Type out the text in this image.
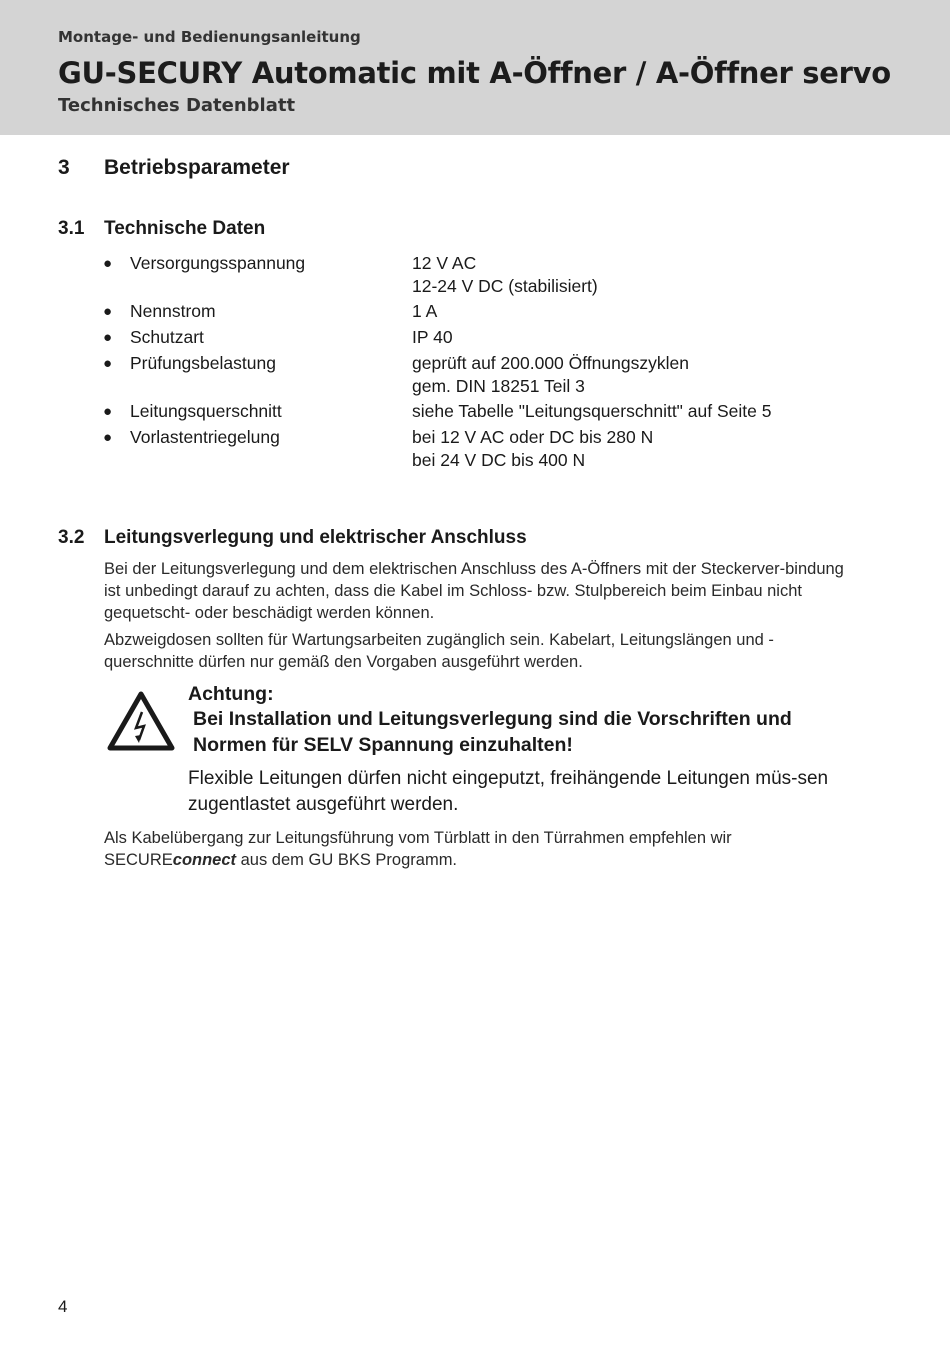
Montage- und Bedienungsanleitung
GU-SECURY Automatic mit A-Öffner / A-Öffner servo
Technisches Datenblatt
3 Betriebsparameter
3.1 Technische Daten
● Versorgungsspannung	12 V AC
12-24 V DC (stabilisiert)
● Nennstrom	1 A
● Schutzart	IP 40
● Prüfungsbelastung	geprüft auf 200.000 Öffnungszyklen
gem. DIN 18251 Teil 3
● Leitungsquerschnitt	siehe Tabelle "Leitungsquerschnitt" auf Seite 5
● Vorlastentriegelung	bei 12 V AC oder DC bis 280 N
bei 24 V DC bis 400 N
3.2 Leitungsverlegung und elektrischer Anschluss
Bei der Leitungsverlegung und dem elektrischen Anschluss des A-Öffners mit der Steckerver-bindung ist unbedingt darauf zu achten, dass die Kabel im Schloss- bzw. Stulpbereich beim Einbau nicht gequetscht- oder beschädigt werden können.
Abzweigdosen sollten für Wartungsarbeiten zugänglich sein. Kabelart, Leitungslängen und -querschnitte dürfen nur gemäß den Vorgaben ausgeführt werden.
Achtung:
Bei Installation und Leitungsverlegung sind die Vorschriften und Normen für SELV Spannung einzuhalten!
Flexible Leitungen dürfen nicht eingeputzt, freihängende Leitungen müs-sen zugentlastet ausgeführt werden.
Als Kabelübergang zur Leitungsführung vom Türblatt in den Türrahmen empfehlen wir SECUREconnect aus dem GU BKS Programm.
4
